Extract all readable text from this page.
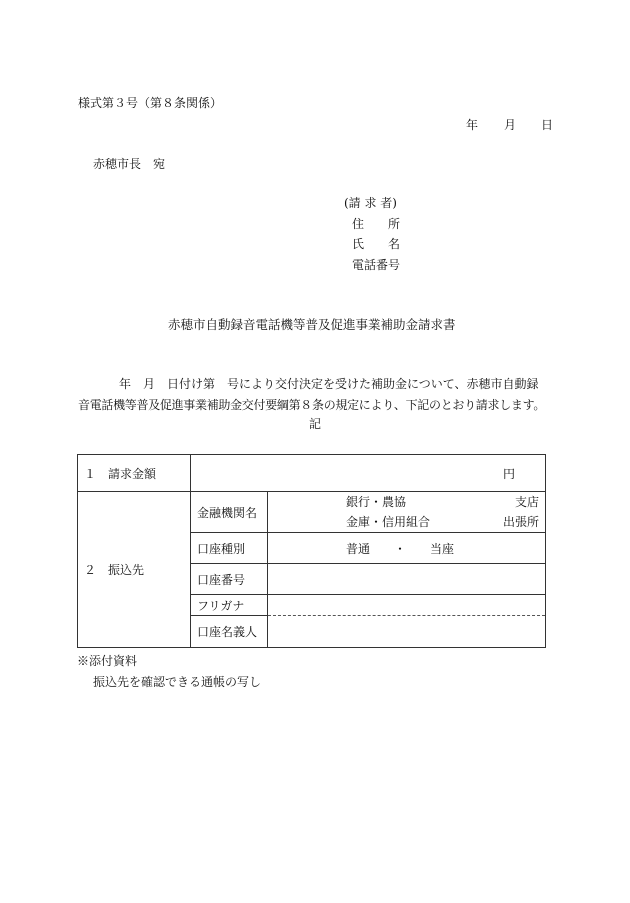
様式第３号（第８条関係）
年 月 日
赤穂市長　宛
(請 求 者)
住　　所
氏　　名
電話番号
赤穂市自動録音電話機等普及促進事業補助金請求書
年　月　日付け第　号により交付決定を受けた補助金について、赤穂市自動録
音電話機等普及促進事業補助金交付要綱第８条の規定により、下記のとおり請求します。
記
１　請求金額	円	
２　振込先	金融機関名	銀行・農協 支店
金庫・信用組合 出張所

	口座種別	普通　　・　　当座
	口座番号	
	フリガナ	
	口座名義人	
※添付資料
振込先を確認できる通帳の写し
